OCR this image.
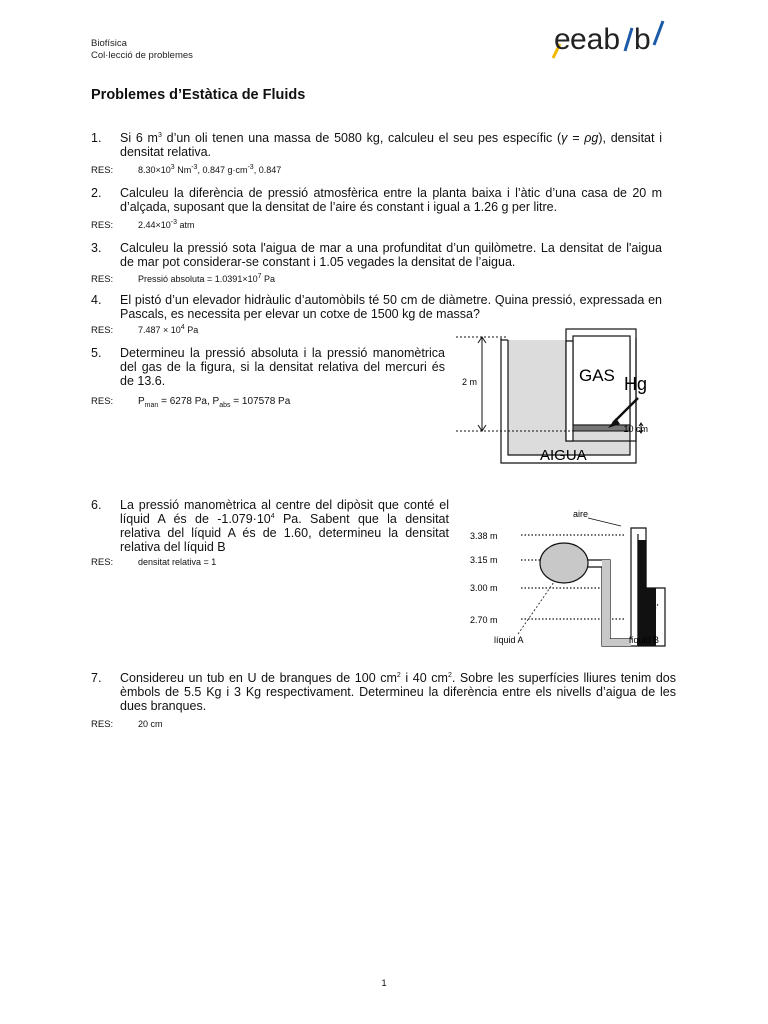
Biofísica
Col·lecció de problemes	e eab b
Problemes d’Estàtica de Fluids
1. Si 6 $m^3$ d’un oli tenen una massa de 5080 kg, calculeu el seu pes específic (γ = ρg), densitat i densitat relativa.

RES:	$8.30\times 10^3$ $Nm^{-3}$, 0.847 $g\cdot cm^{-3}$, 0.847
2. Calculeu la diferència de pressió atmosfèrica entre la planta baixa i l’àtic d’una casa de 20 m d’alçada, suposant que la densitat de l’aire és constant i igual a 1.26 g per litre.

RES:	$2.44\times 10^{-3}$ atm
3. Calculeu la pressió sota l'aigua de mar a una profunditat d’un quilòmetre. La densitat de l'aigua de mar pot considerar-se constant i 1.05 vegades la densitat de l’aigua.

RES:	Pressió absoluta = $1.0391\times 10^7$ Pa
4. El pistó d’un elevador hidràulic d’automòbils té 50 cm de diàmetre. Quina pressió, expressada en Pascals, es necessita per elevar un cotxe de 1500 kg de massa?

RES:	$7.487 \times 10^4$ Pa
5. Determineu la pressió absoluta i la pressió manomètrica del gas de la figura, si la densitat relativa del mercuri és de 13.6.

RES: $P_{man} = 6278$ Pa, $P_{abs} = 107578$ Pa
2 m	GAS Hg
10 cm
AIGUA
6. La pressió manomètrica al centre del dipòsit que conté el líquid A és de $-1.079\cdot 10^4$ Pa. Sabent que la densitat relativa del líquid A és de 1.60, determineu la densitat relativa del líquid B

RES:	densitat relativa = 1
aire
3.38 m
3.15 m
3.00 m
2.70 m
líquid A	líquid B
7. Considereu un tub en U de branques de 100 $cm^2$ i 40 $cm^2$. Sobre les superfícies lliures tenim dos èmbols de 5.5 Kg i 3 Kg respectivament. Determineu la diferència entre els nivells d’aigua de les dues branques.

RES:	20 cm
1
